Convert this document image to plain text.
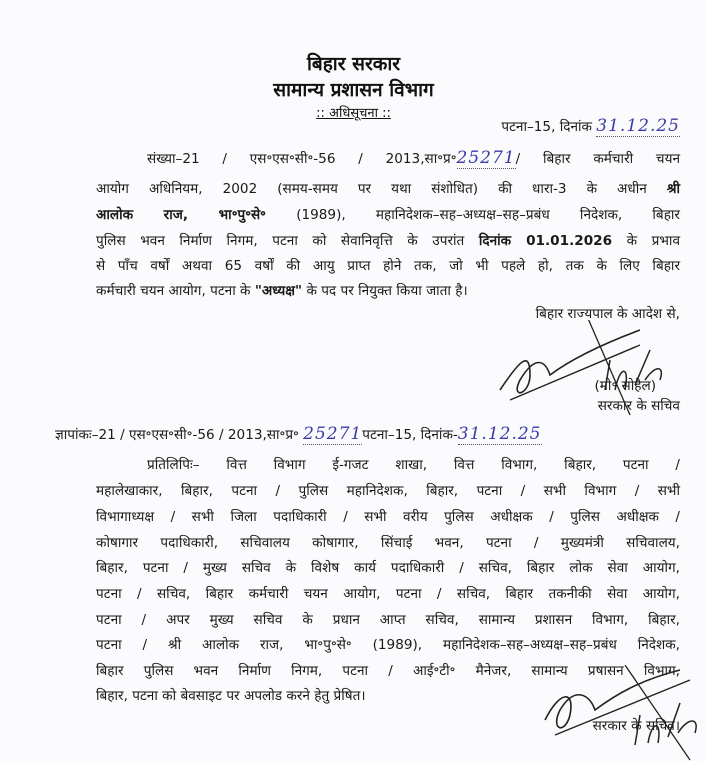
बिहार सरकार
सामान्य प्रशासन विभाग
:: अधिसूचना ::
पटना–15, दिनांक 31.12.25
संख्या–21 / एस॰एस॰सी॰-56 / 2013,सा॰प्र॰25271/ बिहार कर्मचारी चयन
आयोग अधिनियम, 2002 (समय-समय पर यथा संशोधित) की धारा-3 के अधीन श्री
आलोक राज, भा॰पु॰से॰ (1989), महानिदेशक–सह–अध्यक्ष–सह–प्रबंध निदेशक, बिहार
पुलिस भवन निर्माण निगम, पटना को सेवानिवृत्ति के उपरांत दिनांक 01.01.2026 के प्रभाव
से पाँच वर्षों अथवा 65 वर्षों की आयु प्राप्त होने तक, जो भी पहले हो, तक के लिए बिहार
कर्मचारी चयन आयोग, पटना के "अध्यक्ष" के पद पर नियुक्त किया जाता है।
बिहार राज्यपाल के आदेश से,
(मो॰ सोहैल)
सरकार के सचिव
ज्ञापांकः–21 / एस॰एस॰सी॰-56 / 2013,सा॰प्र॰ 25271पटना–15, दिनांक-31.12.25
प्रतिलिपिः– वित्त विभाग ई-गजट शाखा, वित्त विभाग, बिहार, पटना /
महालेखाकार, बिहार, पटना / पुलिस महानिदेशक, बिहार, पटना / सभी विभाग / सभी
विभागाध्यक्ष / सभी जिला पदाधिकारी / सभी वरीय पुलिस अधीक्षक / पुलिस अधीक्षक /
कोषागार पदाधिकारी, सचिवालय कोषागार, सिंचाई भवन, पटना / मुख्यमंत्री सचिवालय,
बिहार, पटना / मुख्य सचिव के विशेष कार्य पदाधिकारी / सचिव, बिहार लोक सेवा आयोग,
पटना / सचिव, बिहार कर्मचारी चयन आयोग, पटना / सचिव, बिहार तकनीकी सेवा आयोग,
पटना / अपर मुख्य सचिव के प्रधान आप्त सचिव, सामान्य प्रशासन विभाग, बिहार,
पटना / श्री आलोक राज, भा॰पु॰से॰ (1989), महानिदेशक–सह–अध्यक्ष–सह–प्रबंध निदेशक,
बिहार पुलिस भवन निर्माण निगम, पटना / आई॰टी॰ मैनेजर, सामान्य प्रषासन विभाग,
बिहार, पटना को बेवसाइट पर अपलोड करने हेतु प्रेषित।
सरकार के सचिव।
